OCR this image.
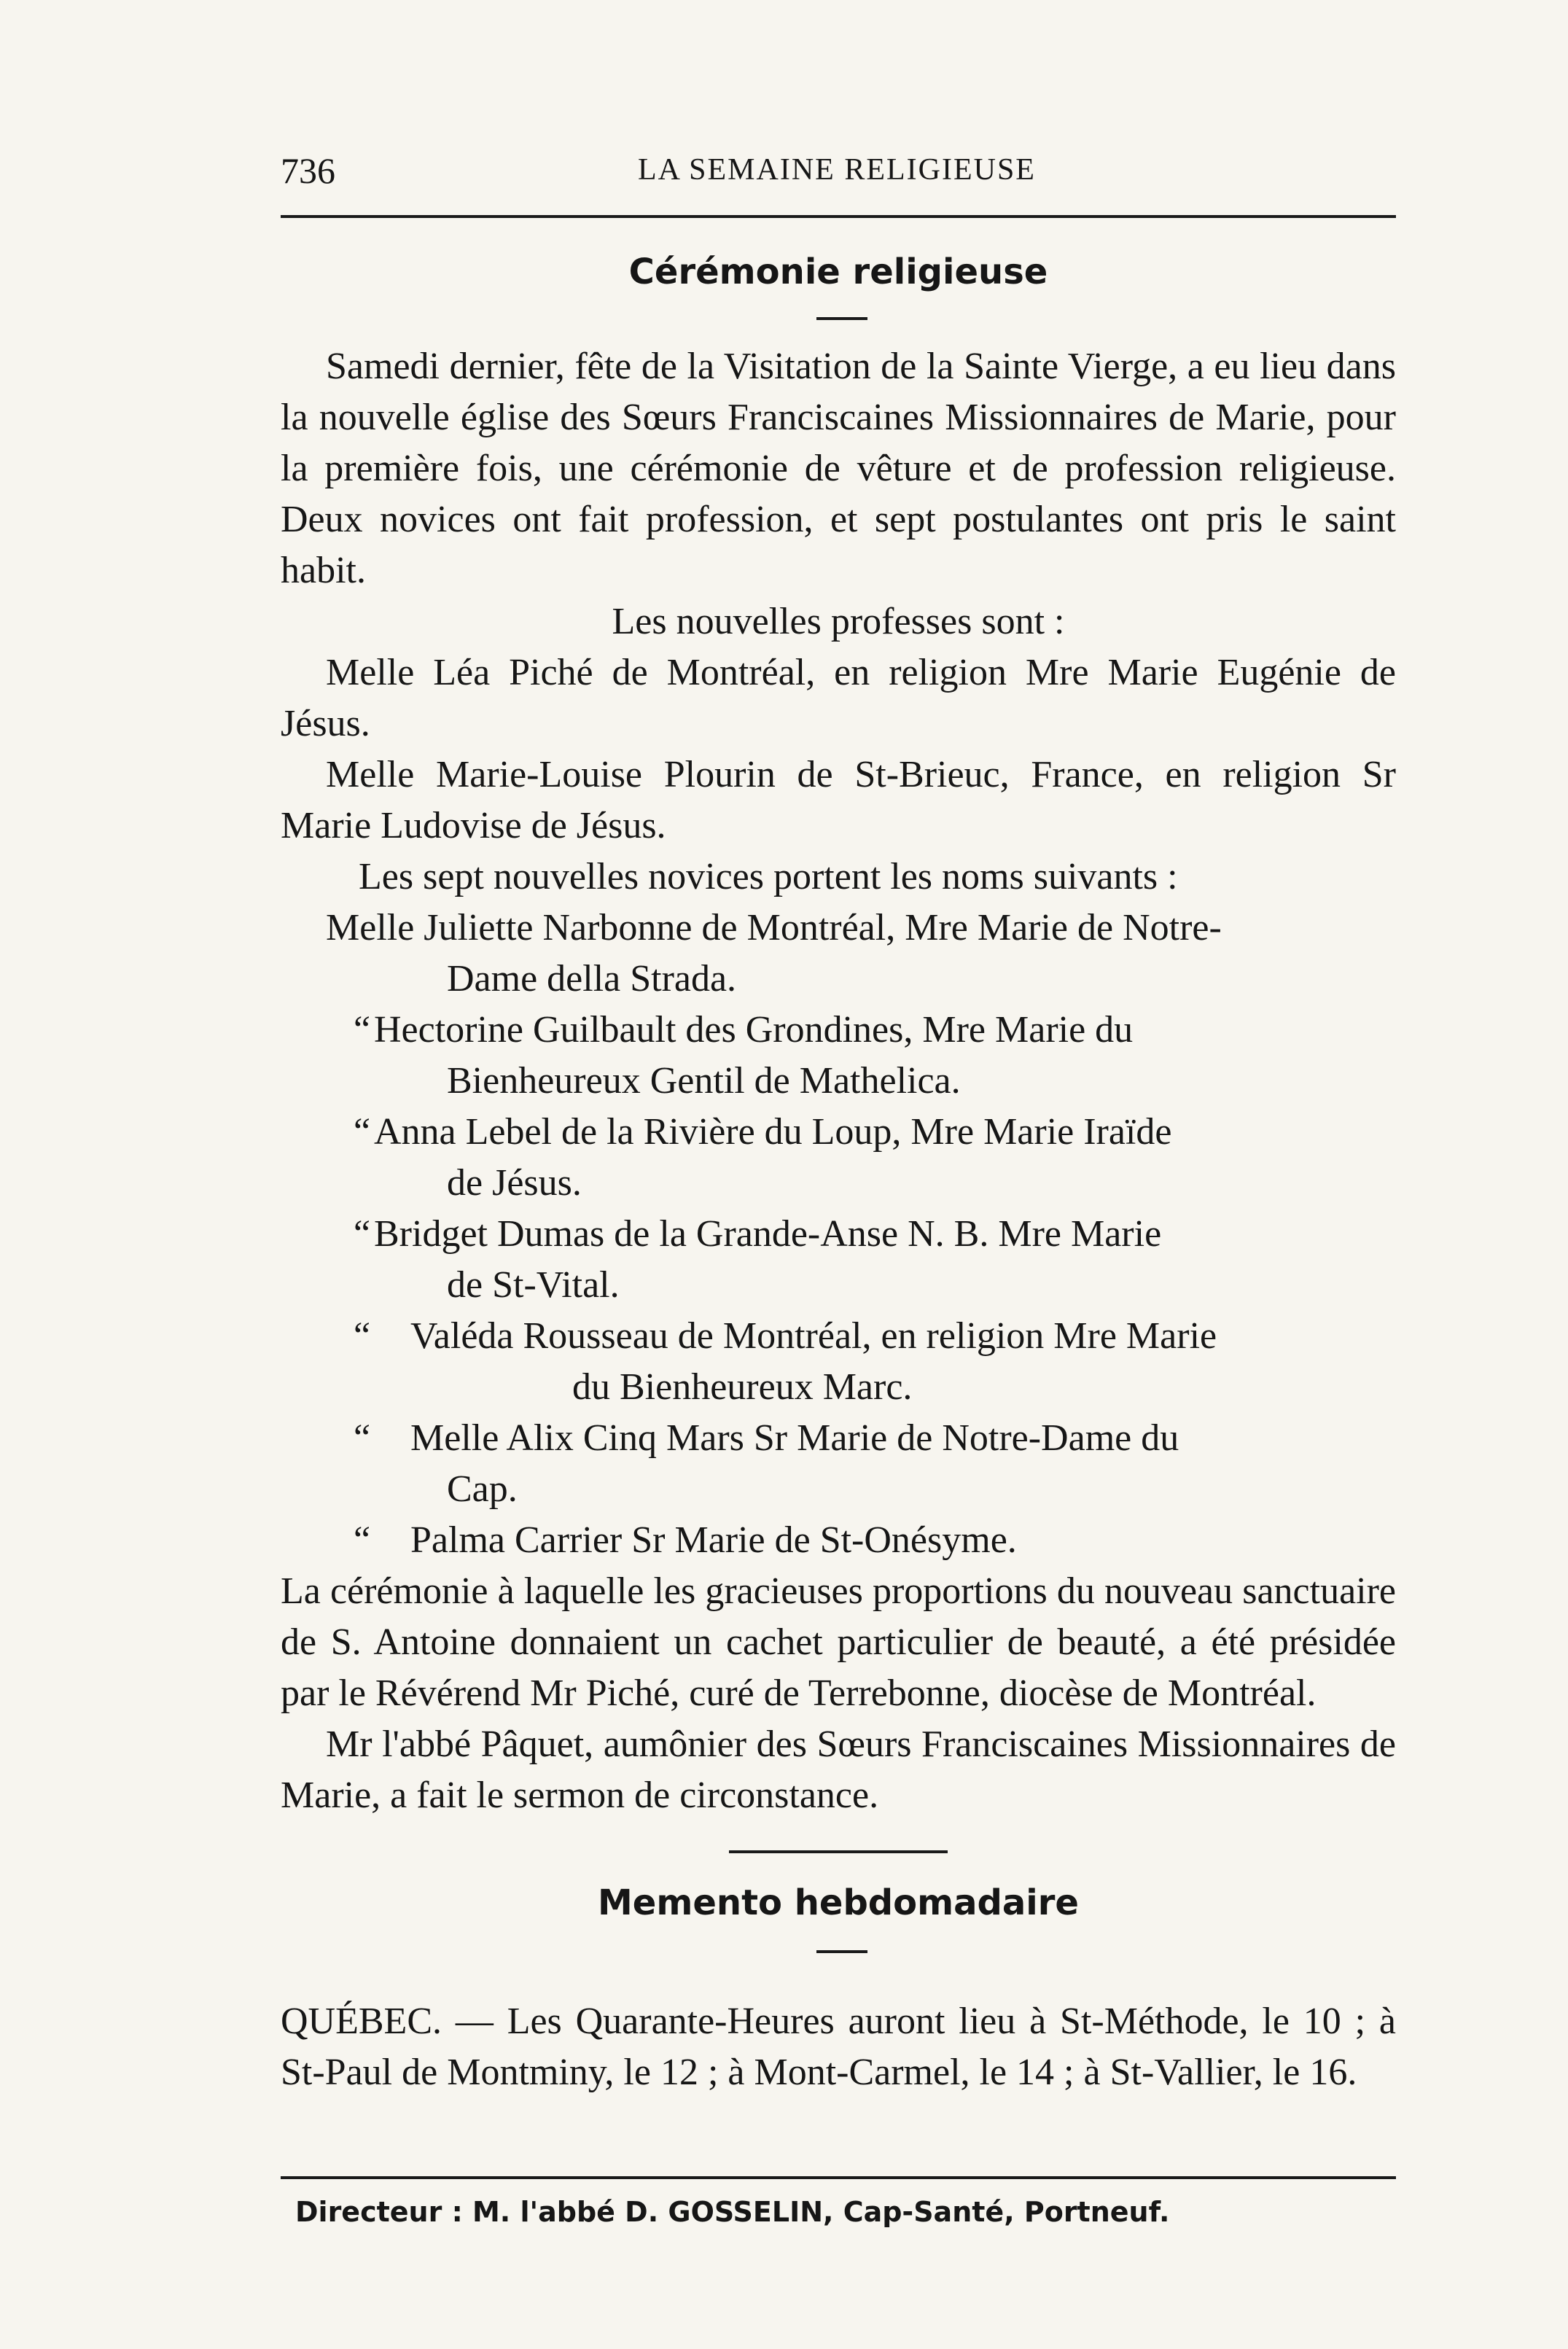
736	LA SEMAINE RELIGIEUSE
Cérémonie religieuse

Samedi dernier, fête de la Visitation de la Sainte Vierge, a eu lieu dans la nouvelle église des Sœurs Franciscaines Missionnaires de Marie, pour la première fois, une cérémonie de vêture et de profession religieuse. Deux novices ont fait profession, et sept postulantes ont pris le saint habit.

Les nouvelles professes sont :

Melle Léa Piché de Montréal, en religion Mre Marie Eugénie de Jésus.

Melle Marie-Louise Plourin de St-Brieuc, France, en religion Sr Marie Ludovise de Jésus.

Les sept nouvelles novices portent les noms suivants :

Melle Juliette Narbonne de Montréal, Mre Marie de Notre-

Dame della Strada.

“ Hectorine Guilbault des Grondines, Mre Marie du

Bienheureux Gentil de Mathelica.

“ Anna Lebel de la Rivière du Loup, Mre Marie Iraïde

de Jésus.

“ Bridget Dumas de la Grande-Anse N. B. Mre Marie

de St-Vital.

“	Valéda Rousseau de Montréal, en religion Mre Marie

du Bienheureux Marc.

“	Melle Alix Cinq Mars Sr Marie de Notre-Dame du

Cap.

“	Palma Carrier Sr Marie de St-Onésyme.

La cérémonie à laquelle les gracieuses proportions du nouveau sanctuaire de S. Antoine donnaient un cachet particulier de beauté, a été présidée par le Révérend Mr Piché, curé de Terrebonne, diocèse de Montréal.

Mr l'abbé Pâquet, aumônier des Sœurs Franciscaines Missionnaires de Marie, a fait le sermon de circonstance.

Memento hebdomadaire

QUÉBEC. — Les Quarante-Heures auront lieu à St-Méthode, le 10 ; à St-Paul de Montminy, le 12 ; à Mont-Carmel, le 14 ; à St-Vallier, le 16.

Directeur : M. l'abbé D. GOSSELIN, Cap-Santé, Portneuf.
